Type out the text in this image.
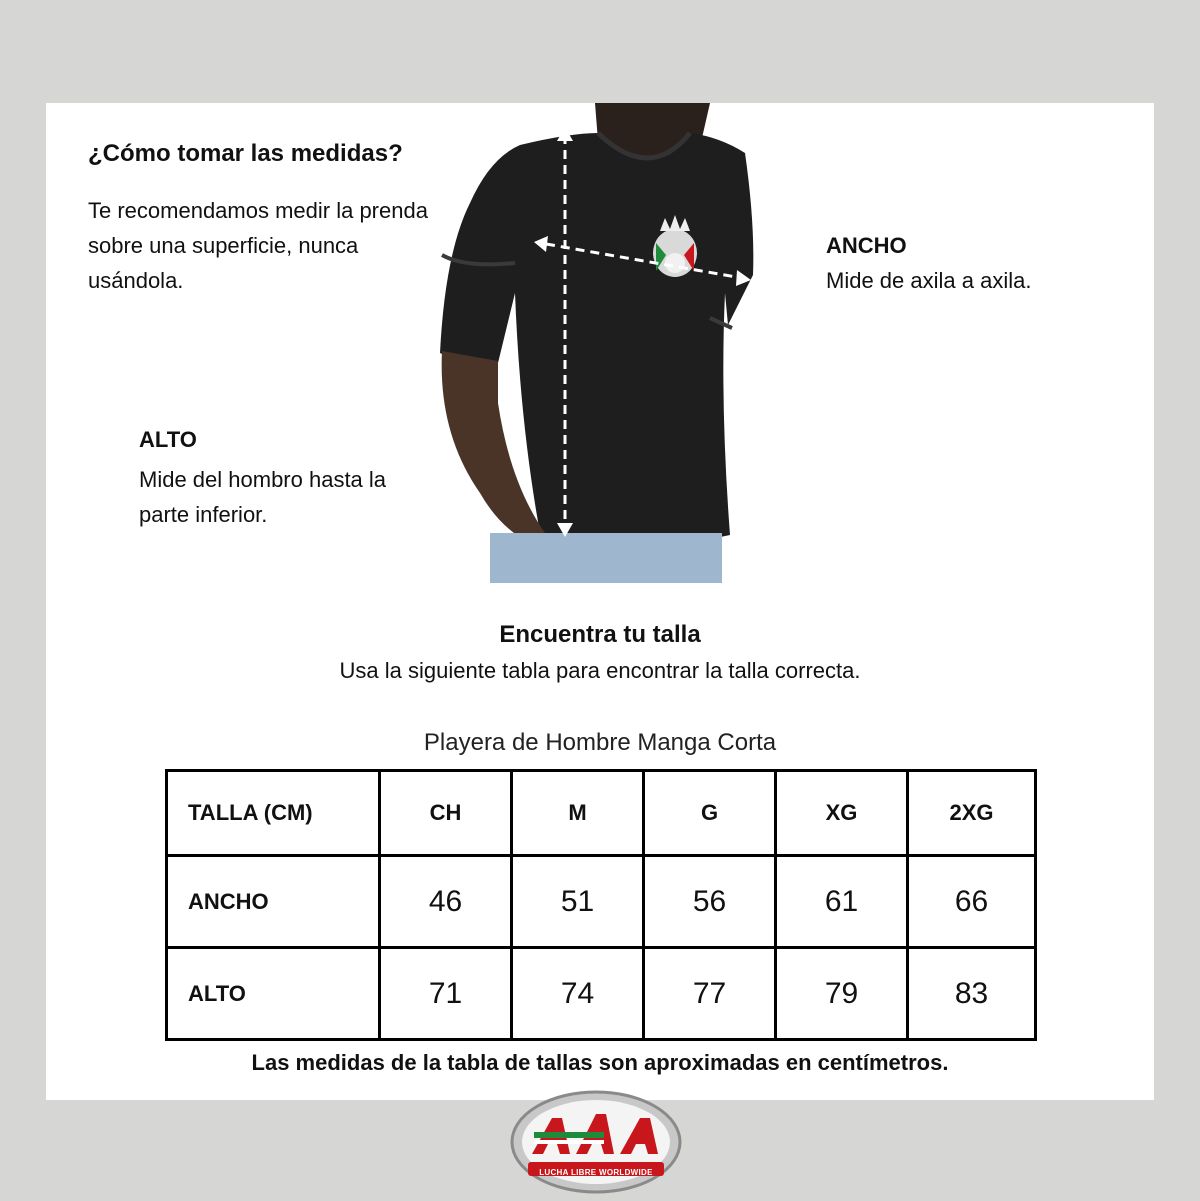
¿Cómo tomar las medidas?
Te recomendamos medir la prenda sobre una superficie, nunca usándola.
ANCHO
Mide de axila a axila.
ALTO
Mide del hombro hasta la parte inferior.
Encuentra tu talla
Usa la siguiente tabla para encontrar la talla correcta.
Playera de Hombre Manga Corta
TALLA (CM)	CH	M	G	XG	2XG
ANCHO	46	51	56	61	66
ALTO	71	74	77	79	83
Las medidas de la tabla de tallas son aproximadas en centímetros.
LUCHA LIBRE WORLDWIDE
